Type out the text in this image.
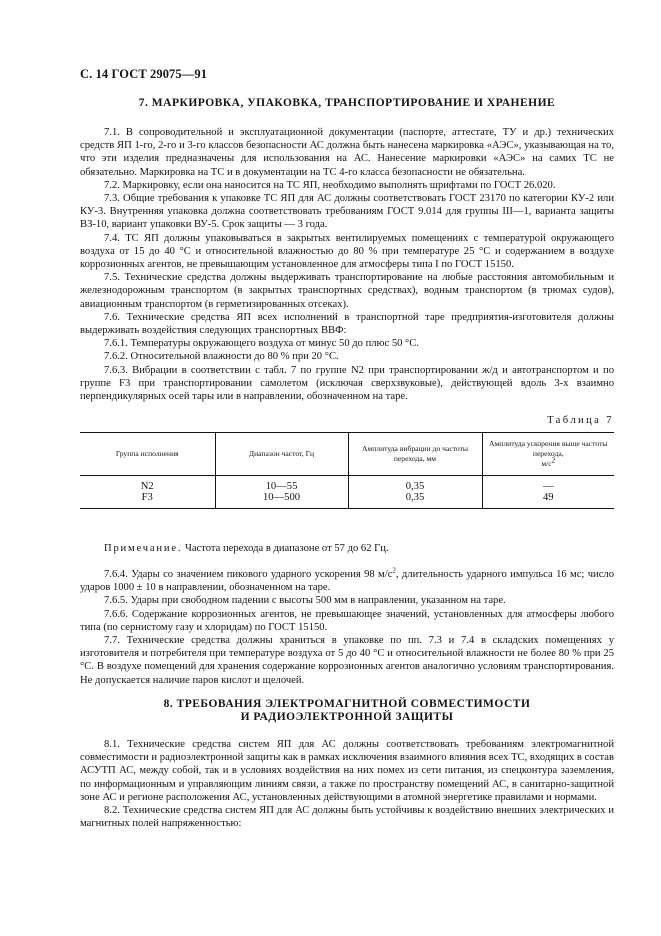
С. 14 ГОСТ 29075—91
7. МАРКИРОВКА, УПАКОВКА, ТРАНСПОРТИРОВАНИЕ И ХРАНЕНИЕ

7.1. В сопроводительной и эксплуатационной документации (паспорте, аттестате, ТУ и др.) технических средств ЯП 1-го, 2-го и 3-го классов безопасности АС должна быть нанесена маркировка «АЭС», указывающая на то, что эти изделия предназначены для использования на АС. Нанесение маркировки «АЭС» на самих ТС не обязательно. Маркировка на ТС и в документации на ТС 4-го класса безопасности не обязательна.

7.2. Маркировку, если она наносится на ТС ЯП, необходимо выполнять шрифтами по ГОСТ 26.020.

7.3. Общие требования к упаковке ТС ЯП для АС должны соответствовать ГОСТ 23170 по категории КУ-2 или КУ-3. Внутренняя упаковка должна соответствовать требованиям ГОСТ 9.014 для группы III—1, варианта защиты ВЗ-10, вариант упаковки ВУ-5. Срок защиты — 3 года.

7.4. ТС ЯП должны упаковываться в закрытых вентилируемых помещениях с температурой окружающего воздуха от 15 до 40 °С и относительной влажностью до 80 % при температуре 25 °С и содержанием в воздухе коррозионных агентов, не превышающим установленное для атмосферы типа I по ГОСТ 15150.

7.5. Технические средства должны выдерживать транспортирование на любые расстояния автомобильным и железнодорожным транспортом (в закрытых транспортных средствах), водным транспортом (в трюмах судов), авиационным транспортом (в герметизированных отсеках).

7.6. Технические средства ЯП всех исполнений в транспортной таре предприятия-изготовителя должны выдерживать воздействия следующих транспортных ВВФ:

7.6.1. Температуры окружающего воздуха от минус 50 до плюс 50 °С.

7.6.2. Относительной влажности до 80 % при 20 °С.

7.6.3. Вибрации в соответствии с табл. 7 по группе N2 при транспортировании ж/д и автотранспортом и по группе F3 при транспортировании самолетом (исключая сверхзвуковые), действующей вдоль 3-х взаимно перпендикулярных осей тары или в направлении, обозначенном на таре.

Таблица 7
Группа исполнения	Диапазон частот, Гц	Амплитуда вибрации до частоты перехода, мм	Амплитуда ускорения выше частоты перехода,
$м/с^2$
N2	10—55	0,35	—
F3	10—500	0,35	49
Примечание. Частота перехода в диапазоне от 57 до 62 Гц.

7.6.4. Удары со значением пикового ударного ускорения 98 $м/с^2$, длительность ударного импульса 16 мс; число ударов 1000 ± 10 в направлении, обозначенном на таре.

7.6.5. Удары при свободном падении с высоты 500 мм в направлении, указанном на таре.

7.6.6. Содержание коррозионных агентов, не превышающее значений, установленных для атмосферы любого типа (по сернистому газу и хлоридам) по ГОСТ 15150.

7.7. Технические средства должны храниться в упаковке по пп. 7.3 и 7.4 в складских помещениях у изготовителя и потребителя при температуре воздуха от 5 до 40 °С и относительной влажности не более 80 % при 25 °С. В воздухе помещений для хранения содержание коррозионных агентов аналогично условиям транспортирования. Не допускается наличие паров кислот и щелочей.

8. ТРЕБОВАНИЯ ЭЛЕКТРОМАГНИТНОЙ СОВМЕСТИМОСТИ
И РАДИОЭЛЕКТРОННОЙ ЗАЩИТЫ

8.1. Технические средства систем ЯП для АС должны соответствовать требованиям электромагнитной совместимости и радиоэлектронной защиты как в рамках исключения взаимного влияния всех ТС, входящих в состав АСУТП АС, между собой, так и в условиях воздействия на них помех из сети питания, из спецконтура заземления, по информационным и управляющим линиям связи, а также по пространству помещений АС, в санитарно-защитной зоне АС и регионе расположения АС, установленных действующими в атомной энергетике правилами и нормами.

8.2. Технические средства систем ЯП для АС должны быть устойчивы к воздействию внешних электрических и магнитных полей напряженностью:
